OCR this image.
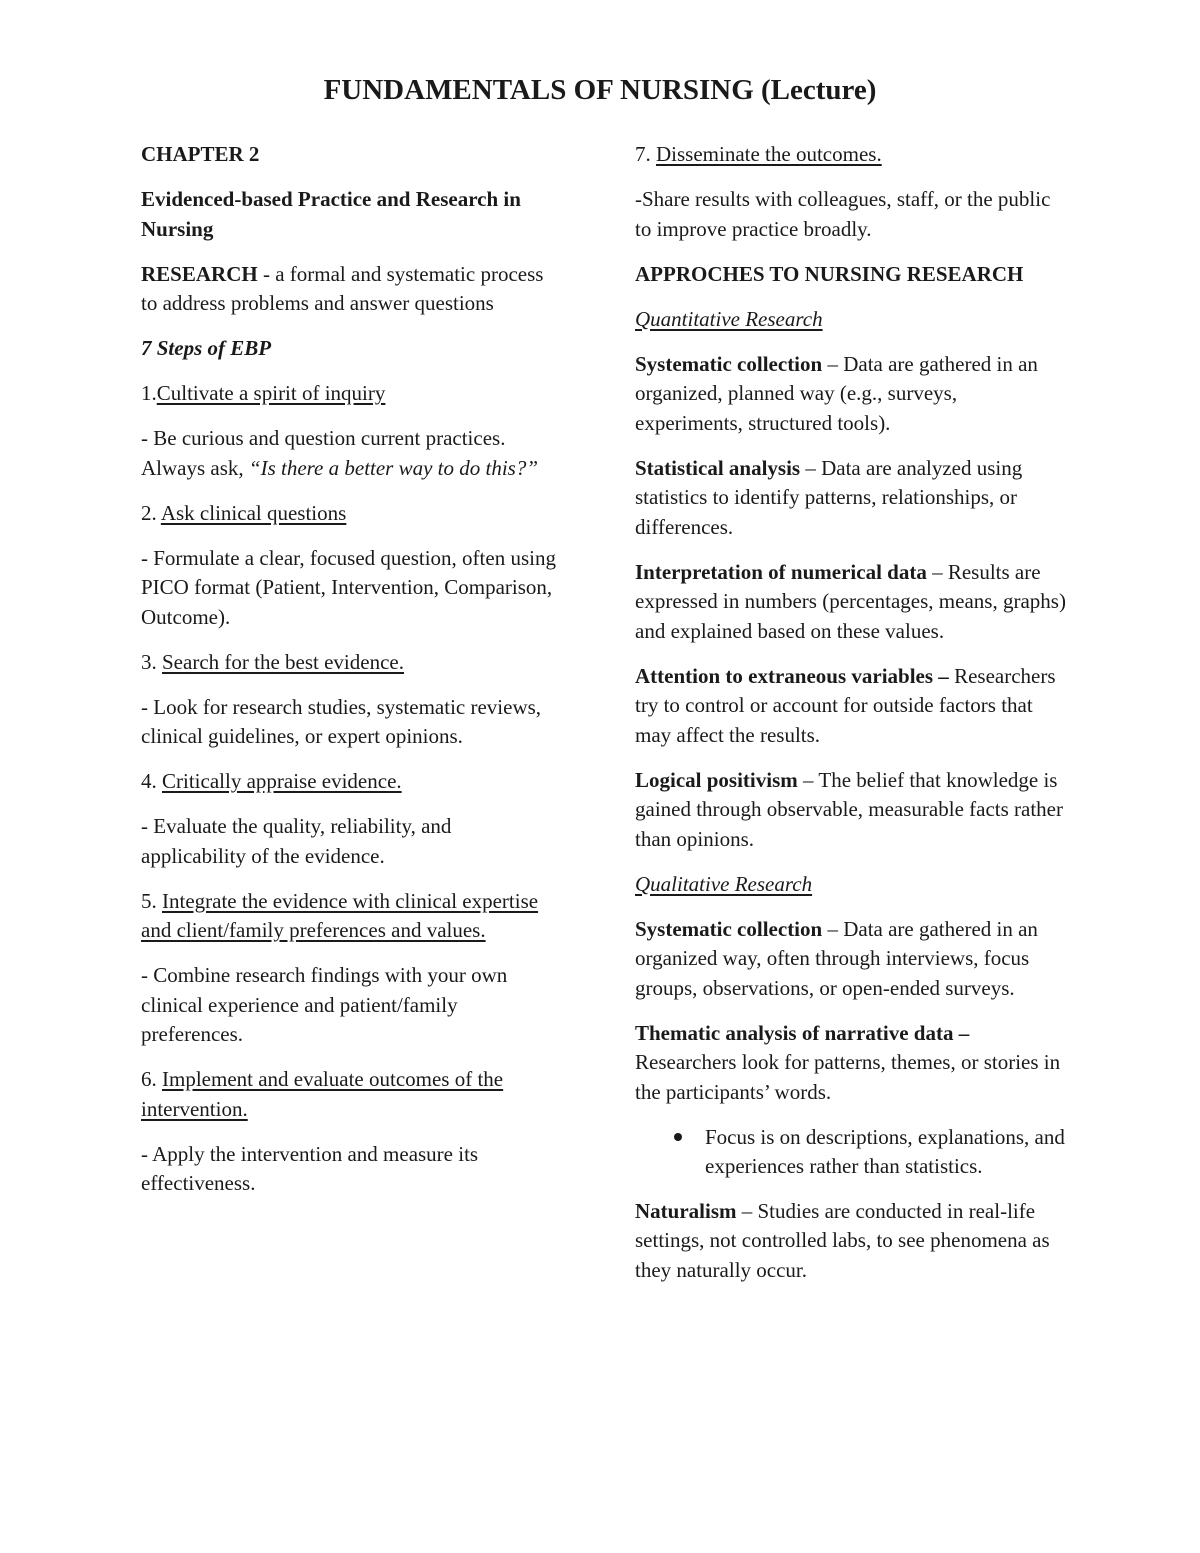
FUNDAMENTALS OF NURSING (Lecture)

CHAPTER 2

Evidenced-based Practice and Research in Nursing

RESEARCH - a formal and systematic process to address problems and answer questions

7 Steps of EBP

1.Cultivate a spirit of inquiry

- Be curious and question current practices. Always ask, “Is there a better way to do this?”

2. Ask clinical questions

- Formulate a clear, focused question, often using PICO format (Patient, Intervention, Comparison, Outcome).

3. Search for the best evidence.

- Look for research studies, systematic reviews, clinical guidelines, or expert opinions.

4. Critically appraise evidence.

- Evaluate the quality, reliability, and applicability of the evidence.

5. Integrate the evidence with clinical expertise and client/family preferences and values.

- Combine research findings with your own clinical experience and patient/family preferences.

6. Implement and evaluate outcomes of the intervention.

- Apply the intervention and measure its effectiveness.

7. Disseminate the outcomes.

-Share results with colleagues, staff, or the public to improve practice broadly.

APPROCHES TO NURSING RESEARCH

Quantitative Research

Systematic collection – Data are gathered in an organized, planned way (e.g., surveys, experiments, structured tools).

Statistical analysis – Data are analyzed using statistics to identify patterns, relationships, or differences.

Interpretation of numerical data – Results are expressed in numbers (percentages, means, graphs) and explained based on these values.

Attention to extraneous variables – Researchers try to control or account for outside factors that may affect the results.

Logical positivism – The belief that knowledge is gained through observable, measurable facts rather than opinions.

Qualitative Research

Systematic collection – Data are gathered in an organized way, often through interviews, focus groups, observations, or open-ended surveys.

Thematic analysis of narrative data – Researchers look for patterns, themes, or stories in the participants’ words.

Focus is on descriptions, explanations, and experiences rather than statistics.

Naturalism – Studies are conducted in real-life settings, not controlled labs, to see phenomena as they naturally occur.
